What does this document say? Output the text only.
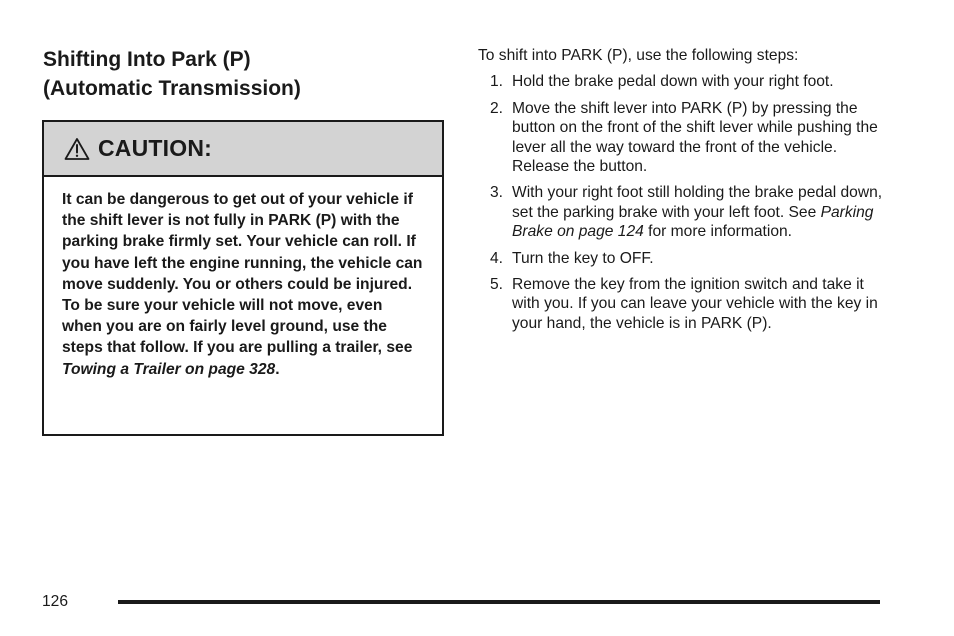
Shifting Into Park (P)
(Automatic Transmission)
CAUTION:
It can be dangerous to get out of your vehicle if the shift lever is not fully in PARK (P) with the parking brake firmly set. Your vehicle can roll. If you have left the engine running, the vehicle can move suddenly. You or others could be injured. To be sure your vehicle will not move, even when you are on fairly level ground, use the steps that follow. If you are pulling a trailer, see Towing a Trailer on page 328.

To shift into PARK (P), use the following steps:

1. Hold the brake pedal down with your right foot.
2. Move the shift lever into PARK (P) by pressing the button on the front of the shift lever while pushing the lever all the way toward the front of the vehicle. Release the button.
3. With your right foot still holding the brake pedal down, set the parking brake with your left foot. See Parking Brake on page 124 for more information.
4. Turn the key to OFF.
5. Remove the key from the ignition switch and take it with you. If you can leave your vehicle with the key in your hand, the vehicle is in PARK (P).
126
